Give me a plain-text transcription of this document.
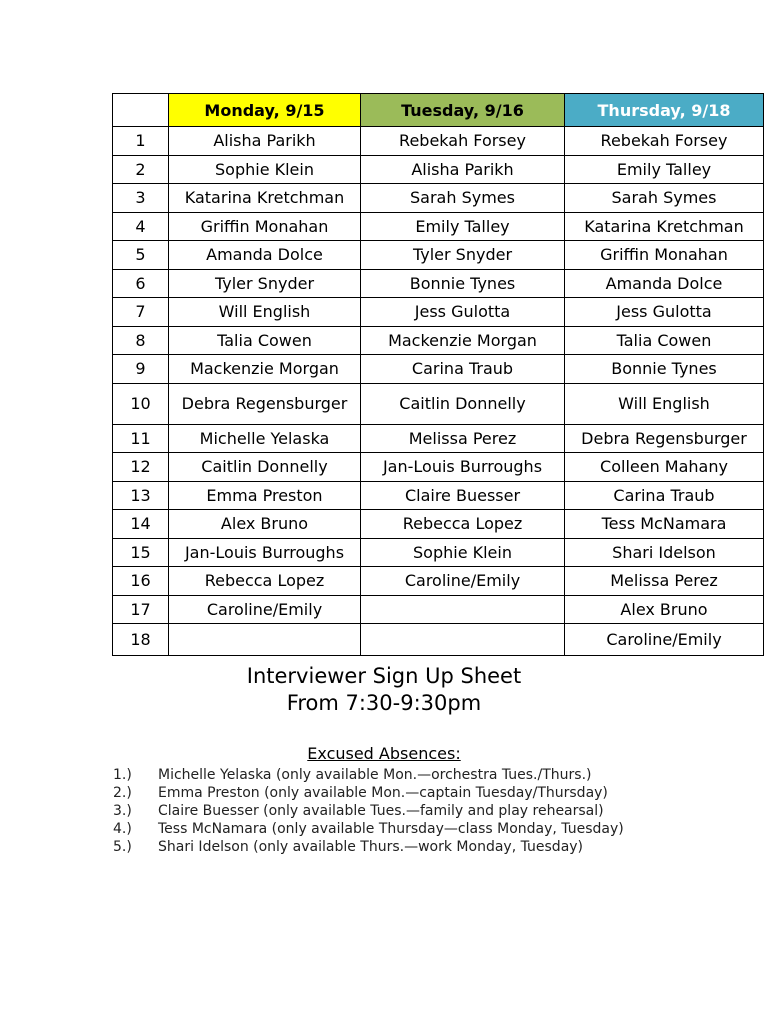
	Monday, 9/15	Tuesday, 9/16	Thursday, 9/18
1	Alisha Parikh	Rebekah Forsey	Rebekah Forsey
2	Sophie Klein	Alisha Parikh	Emily Talley
3	Katarina Kretchman	Sarah Symes	Sarah Symes
4	Griffin Monahan	Emily Talley	Katarina Kretchman
5	Amanda Dolce	Tyler Snyder	Griffin Monahan
6	Tyler Snyder	Bonnie Tynes	Amanda Dolce
7	Will English	Jess Gulotta	Jess Gulotta
8	Talia Cowen	Mackenzie Morgan	Talia Cowen
9	Mackenzie Morgan	Carina Traub	Bonnie Tynes
10	Debra Regensburger	Caitlin Donnelly	Will English
11	Michelle Yelaska	Melissa Perez	Debra Regensburger
12	Caitlin Donnelly	Jan-Louis Burroughs	Colleen Mahany
13	Emma Preston	Claire Buesser	Carina Traub
14	Alex Bruno	Rebecca Lopez	Tess McNamara
15	Jan-Louis Burroughs	Sophie Klein	Shari Idelson
16	Rebecca Lopez	Caroline/Emily	Melissa Perez
17	Caroline/Emily		Alex Bruno
18			Caroline/Emily
Interviewer Sign Up Sheet
From 7:30-9:30pm
Excused Absences:
1.) Michelle Yelaska (only available Mon.—orchestra Tues./Thurs.)
2.) Emma Preston (only available Mon.—captain Tuesday/Thursday)
3.) Claire Buesser (only available Tues.—family and play rehearsal)
4.) Tess McNamara (only available Thursday—class Monday, Tuesday)
5.) Shari Idelson (only available Thurs.—work Monday, Tuesday)
